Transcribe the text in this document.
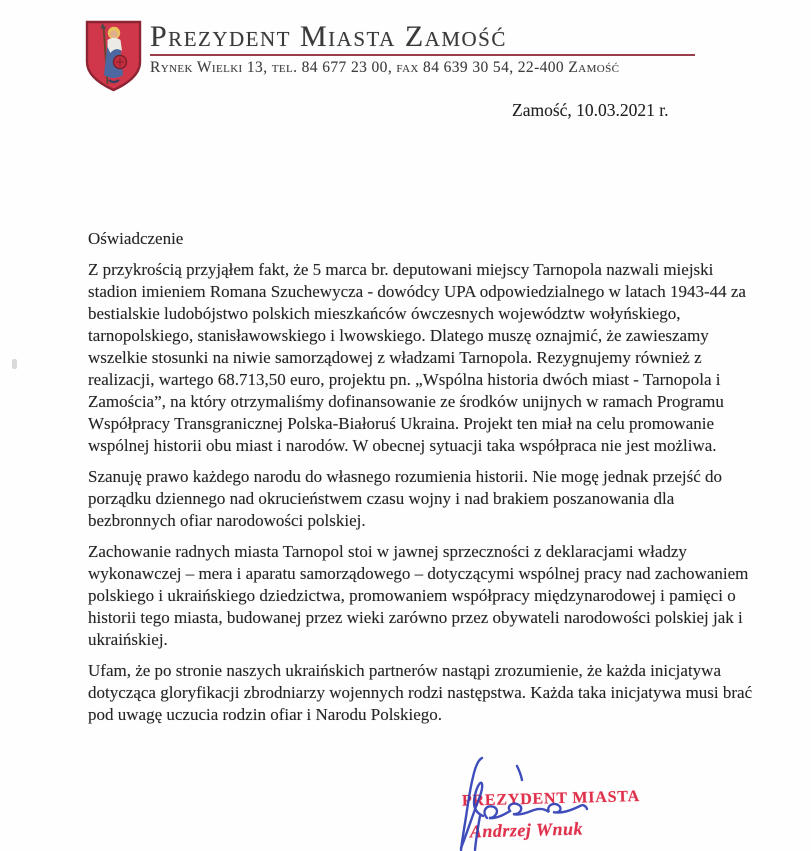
Prezydent Miasta Zamość
Rynek Wielki 13, tel. 84 677 23 00, fax 84 639 30 54, 22-400 Zamość
Zamość, 10.03.2021 r.

Oświadczenie

Z przykrością przyjąłem fakt, że 5 marca br. deputowani miejscy Tarnopola nazwali miejski stadion imieniem Romana Szuchewycza - dowódcy UPA odpowiedzialnego w latach 1943-44 za bestialskie ludobójstwo polskich mieszkańców ówczesnych województw wołyńskiego, tarnopolskiego, stanisławowskiego i lwowskiego. Dlatego muszę oznajmić, że zawieszamy wszelkie stosunki na niwie samorządowej z władzami Tarnopola. Rezygnujemy również z realizacji, wartego 68.713,50 euro, projektu pn. „Wspólna historia dwóch miast - Tarnopola i Zamościa”, na który otrzymaliśmy dofinansowanie ze środków unijnych w ramach Programu Współpracy Transgranicznej Polska-Białoruś Ukraina. Projekt ten miał na celu promowanie wspólnej historii obu miast i narodów. W obecnej sytuacji taka współpraca nie jest możliwa.

Szanuję prawo każdego narodu do własnego rozumienia historii. Nie mogę jednak przejść do porządku dziennego nad okrucieństwem czasu wojny i nad brakiem poszanowania dla bezbronnych ofiar narodowości polskiej.

Zachowanie radnych miasta Tarnopol stoi w jawnej sprzeczności z deklaracjami władzy wykonawczej – mera i aparatu samorządowego – dotyczącymi wspólnej pracy nad zachowaniem polskiego i ukraińskiego dziedzictwa, promowaniem współpracy międzynarodowej i pamięci o historii tego miasta, budowanej przez wieki zarówno przez obywateli narodowości polskiej jak i ukraińskiej.

Ufam, że po stronie naszych ukraińskich partnerów nastąpi zrozumienie, że każda inicjatywa dotycząca gloryfikacji zbrodniarzy wojennych rodzi następstwa. Każda taka inicjatywa musi brać pod uwagę uczucia rodzin ofiar i Narodu Polskiego.

PREZYDENT MIASTA
Andrzej Wnuk
